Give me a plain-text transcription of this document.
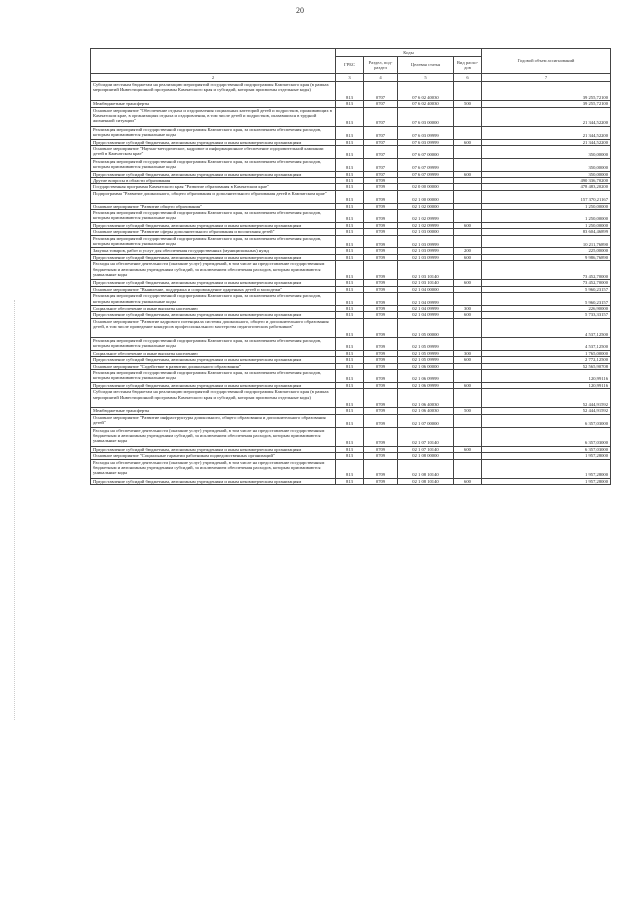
20
	Коды				Годовой объем ассигнований
	ГРБС	Раздел, под-раздел	Целевая статья	Вид расхо-дов	
2	3	4	5	6	7
Субсидии местным бюджетам на реализацию мероприятий государственной подпрограммы Камчатского края (в рамках мероприятий Инвестиционной программы Камчатского края и субсидий, которым присвоены отдельные коды)	813	0707	07 6 02 40030		39 255,72100
Межбюджетные трансферты	813	0707	07 6 02 40030	500	39 255,72100
Основное мероприятие "Обеспечение отдыха и оздоровления социальных категорий детей и подростков, проживающих в Камчатском крае, в организациях отдыха и оздоровления, в том числе детей и подростков, оказавшихся в трудной жизненной ситуации"	813	0707	07 6 03 00000		21 344,52200
Реализация мероприятий государственной подпрограммы Камчатского края, за исключением обеспечения расходов, которым присваиваются уникальные коды	813	0707	07 6 03 09999		21 344,52200
Предоставление субсидий бюджетным, автономным учреждениям и иным некоммерческим организациям	813	0707	07 6 03 09999	600	21 344,52200
Основное мероприятие "Научно-методическое, кадровое и информационное обеспечение оздоровительной кампании детей в Камчатском крае"	813	0707	07 6 07 00000		350,00000
Реализация мероприятий государственной подпрограммы Камчатского края, за исключением обеспечения расходов, которым присваиваются уникальные коды	813	0707	07 6 07 09999		350,00000
Предоставление субсидий бюджетным, автономным учреждениям и иным некоммерческим организациям	813	0707	07 6 07 09999	600	350,00000
Другие вопросы в области образования	813	0709			490 336,70200
Государственная программа Камчатского края "Развитие образования в Камчатском крае"	813	0709	02 0 00 00000		478 483,20200
Подпрограмма "Развитие дошкольного, общего образования и дополнительного образования детей в Камчатском крае"	813	0709	02 1 00 00000		157 370,21167
Основное мероприятие "Развитие общего образования"	813	0709	02 1 02 00000		1 250,00000
Реализация мероприятий государственной подпрограммы Камчатского края, за исключением обеспечения расходов, которым присваиваются уникальные коды	813	0709	02 1 02 09999		1 250,00000
Предоставление субсидий бюджетным, автономным учреждениям и иным некоммерческим организациям	813	0709	02 1 02 09999	600	1 250,00000
Основное мероприятие "Развитие сферы дополнительного образования и воспитания детей"	813	0709	02 1 03 00000		83 604,46899
Реализация мероприятий государственной подпрограммы Камчатского края, за исключением обеспечения расходов, которым присваиваются уникальные коды	813	0709	02 1 03 09999		10 211,76890
Закупка товаров, работ и услуг для обеспечения государственных (муниципальных) нужд	813	0709	02 1 03 09999	200	225,00000
Предоставление субсидий бюджетным, автономным учреждениям и иным некоммерческим организациям	813	0709	02 1 03 09999	600	9 986,76890
Расходы на обеспечение деятельности (оказание услуг) учреждений, в том числе на предоставление государственным бюджетным и автономным учреждениям субсидий, за исключением обеспечения расходов, которым присваиваются уникальные коды	813	0709	02 1 03 10140		73 452,70000
Предоставление субсидий бюджетным, автономным учреждениям и иным некоммерческим организациям	813	0709	02 1 03 10140	600	73 452,70000
Основное мероприятие "Выявление, поддержка и сопровождение одаренных детей и молодежи"	813	0709	02 1 04 00000		5 960,23157
Реализация мероприятий государственной подпрограммы Камчатского края, за исключением обеспечения расходов, которым присваиваются уникальные коды	813	0709	02 1 04 09999		5 960,23157
Социальное обеспечение и иные выплаты населению	813	0709	02 1 04 09999	300	226,90000
Предоставление субсидий бюджетным, автономным учреждениям и иным некоммерческим организациям	813	0709	02 1 04 09999	600	5 733,33157
Основное мероприятие "Развитие кадрового потенциала системы дошкольного, общего и дополнительного образования детей, в том числе проведение конкурсов профессионального мастерства педагогических работников"	813	0709	02 1 05 00000		4 537,12500
Реализация мероприятий государственной подпрограммы Камчатского края, за исключением обеспечения расходов, которым присваиваются уникальные коды	813	0709	02 1 05 09999		4 537,12500
Социальное обеспечение и иные выплаты населению	813	0709	02 1 05 09999	300	1 765,00000
Предоставление субсидий бюджетным, автономным учреждениям и иным некоммерческим организациям	813	0709	02 1 05 09999	600	2 772,12500
Основное мероприятие "Содействие в развитии дошкольного образования"	813	0709	02 1 06 00000		52 565,90708
Реализация мероприятий государственной подпрограммы Камчатского края, за исключением обеспечения расходов, которым присваиваются уникальные коды	813	0709	02 1 06 09999		120,99116
Предоставление субсидий бюджетным, автономным учреждениям и иным некоммерческим организациям	813	0709	02 1 06 09999	600	120,99116
Субсидии местным бюджетам на реализацию мероприятий государственной подпрограммы Камчатского края (в рамках мероприятий Инвестиционной программы Камчатского края и субсидий, которым присвоены отдельные коды)	813	0709	02 1 06 40030		52 444,91592
Межбюджетные трансферты	813	0709	02 1 06 40030	500	52 444,91592
Основное мероприятие "Развитие инфраструктуры дошкольного, общего образования и дополнительного образования детей"	813	0709	02 1 07 00000		6 357,03000
Расходы на обеспечение деятельности (оказание услуг) учреждений, в том числе на предоставление государственным бюджетным и автономным учреждениям субсидий, за исключением обеспечения расходов, которым присваиваются уникальные коды	813	0709	02 1 07 10140		6 357,03000
Предоставление субсидий бюджетным, автономным учреждениям и иным некоммерческим организациям	813	0709	02 1 07 10140	600	6 357,03000
Основное мероприятие "Социальные гарантии работникам подведомственных организаций"	813	0709	02 1 08 00000		1 957,28000
Расходы на обеспечение деятельности (оказание услуг) учреждений, в том числе на предоставление государственным бюджетным и автономным учреждениям субсидий, за исключением обеспечения расходов, которым присваиваются уникальные коды	813	0709	02 1 08 10140		1 957,28000
Предоставление субсидий бюджетным, автономным учреждениям и иным некоммерческим организациям	813	0709	02 1 08 10140	600	1 957,28000
